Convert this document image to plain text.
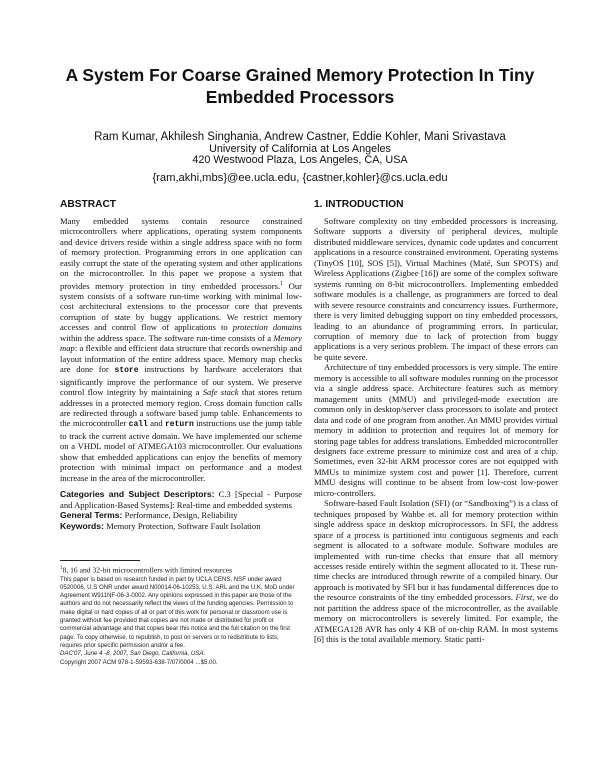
A System For Coarse Grained Memory Protection In Tiny Embedded Processors
Ram Kumar, Akhilesh Singhania, Andrew Castner, Eddie Kohler, Mani Srivastava
University of California at Los Angeles
420 Westwood Plaza, Los Angeles, CA, USA
{ram,akhi,mbs}@ee.ucla.edu, {castner,kohler}@cs.ucla.edu
ABSTRACT

Many embedded systems contain resource constrained microcontrollers where applications, operating system components and device drivers reside within a single address space with no form of memory protection. Programming errors in one application can easily corrupt the state of the operating system and other applications on the microcontroller. In this paper we propose a system that provides memory protection in tiny embedded processors.$^1$ Our system consists of a software run-time working with minimal low-cost architectural extensions to the processor core that prevents corruption of state by buggy applications. We restrict memory accesses and control flow of applications to protection domains within the address space. The software run-time consists of a Memory map: a flexible and efficient data structure that records ownership and layout information of the entire address space. Memory map checks are done for store instructions by hardware accelerators that significantly improve the performance of our system. We preserve control flow integrity by maintaining a Safe stack that stores return addresses in a protected memory region. Cross domain function calls are redirected through a software based jump table. Enhancements to the microcontroller call and return instructions use the jump table to track the current active domain. We have implemented our scheme on a VHDL model of ATMEGA103 microcontroller. Our evaluations show that embedded applications can enjoy the benefits of memory protection with minimal impact on performance and a modest increase in the area of the microcontroller.

Categories and Subject Descriptors: C.3 [Special - Purpose and Application-Based Systems]: Real-time and embedded systems

General Terms: Performance, Design, Reliability

Keywords: Memory Protection, Software Fault Isolation

$^1$8, 16 and 32-bit microcontrollers with limited resources
This paper is based on research funded in part by UCLA CENS, NSF under award 0520006, U.S ONR under award N00014-06-10253, U.S. ARL and the U.K. MoD under Agreement W911NF-06-3-0002. Any opinions expressed in this paper are those of the authors and do not necessarily reflect the views of the funding agencies. Permission to make digital or hard copies of all or part of this work for personal or classroom use is granted without fee provided that copies are not made or distributed for profit or commercial advantage and that copies bear this notice and the full citation on the first page. To copy otherwise, to republish, to post on servers or to redistribute to lists, requires prior specific permission and/or a fee.
DAC'07, June 4 -8, 2007, San Diego, California, USA.
Copyright 2007 ACM 978-1-59593-638-7/07/0004 ...$5.00.
1. INTRODUCTION

Software complexity on tiny embedded processors is increasing. Software supports a diversity of peripheral devices, multiple distributed middleware services, dynamic code updates and concurrent applications in a resource constrained environment. Operating systems (TinyOS [10], SOS [5]), Virtual Machines (Maté, Sun SPOTS) and Wireless Applications (Zigbee [16]) are some of the complex software systems running on 8-bit microcontrollers. Implementing embedded software modules is a challenge, as programmers are forced to deal with severe resource constraints and concurrency issues. Furthermore, there is very limited debugging support on tiny embedded processors, leading to an abundance of programming errors. In particular, corruption of memory due to lack of protection from buggy applications is a very serious problem. The impact of these errors can be quite severe.

Architecture of tiny embedded processors is very simple. The entire memory is accessible to all software modules running on the processor via a single address space. Architecture features such as memory management units (MMU) and privileged-mode execution are common only in desktop/server class processors to isolate and protect data and code of one program from another. An MMU provides virtual memory in addition to protection and requires lot of memory for storing page tables for address translations. Embedded microcontroller designers face extreme pressure to minimize cost and area of a chip. Sometimes, even 32-bit ARM processor cores are not equipped with MMUs to minimize system cost and power [1]. Therefore, current MMU designs will continue to be absent from low-cost low-power micro-controllers.

Software-based Fault Isolation (SFI) (or “Sandboxing”) is a class of techniques proposed by Wahbe et. all for memory protection within single address space in desktop microprocessors. In SFI, the address space of a process is partitioned into contiguous segments and each segment is allocated to a software module. Software modules are implemented with run-time checks that ensure that all memory accesses reside entirely within the segment allocated to it. These run-time checks are introduced through rewrite of a compiled binary. Our approach is motivated by SFI but it has fundamental differences due to the resource constraints of the tiny embedded processors. First, we do not partition the address space of the microcontroller, as the available memory on microcontrollers is severely limited. For example, the ATMEGA128 AVR has only 4 KB of on-chip RAM. In most systems [6] this is the total available memory. Static parti-
